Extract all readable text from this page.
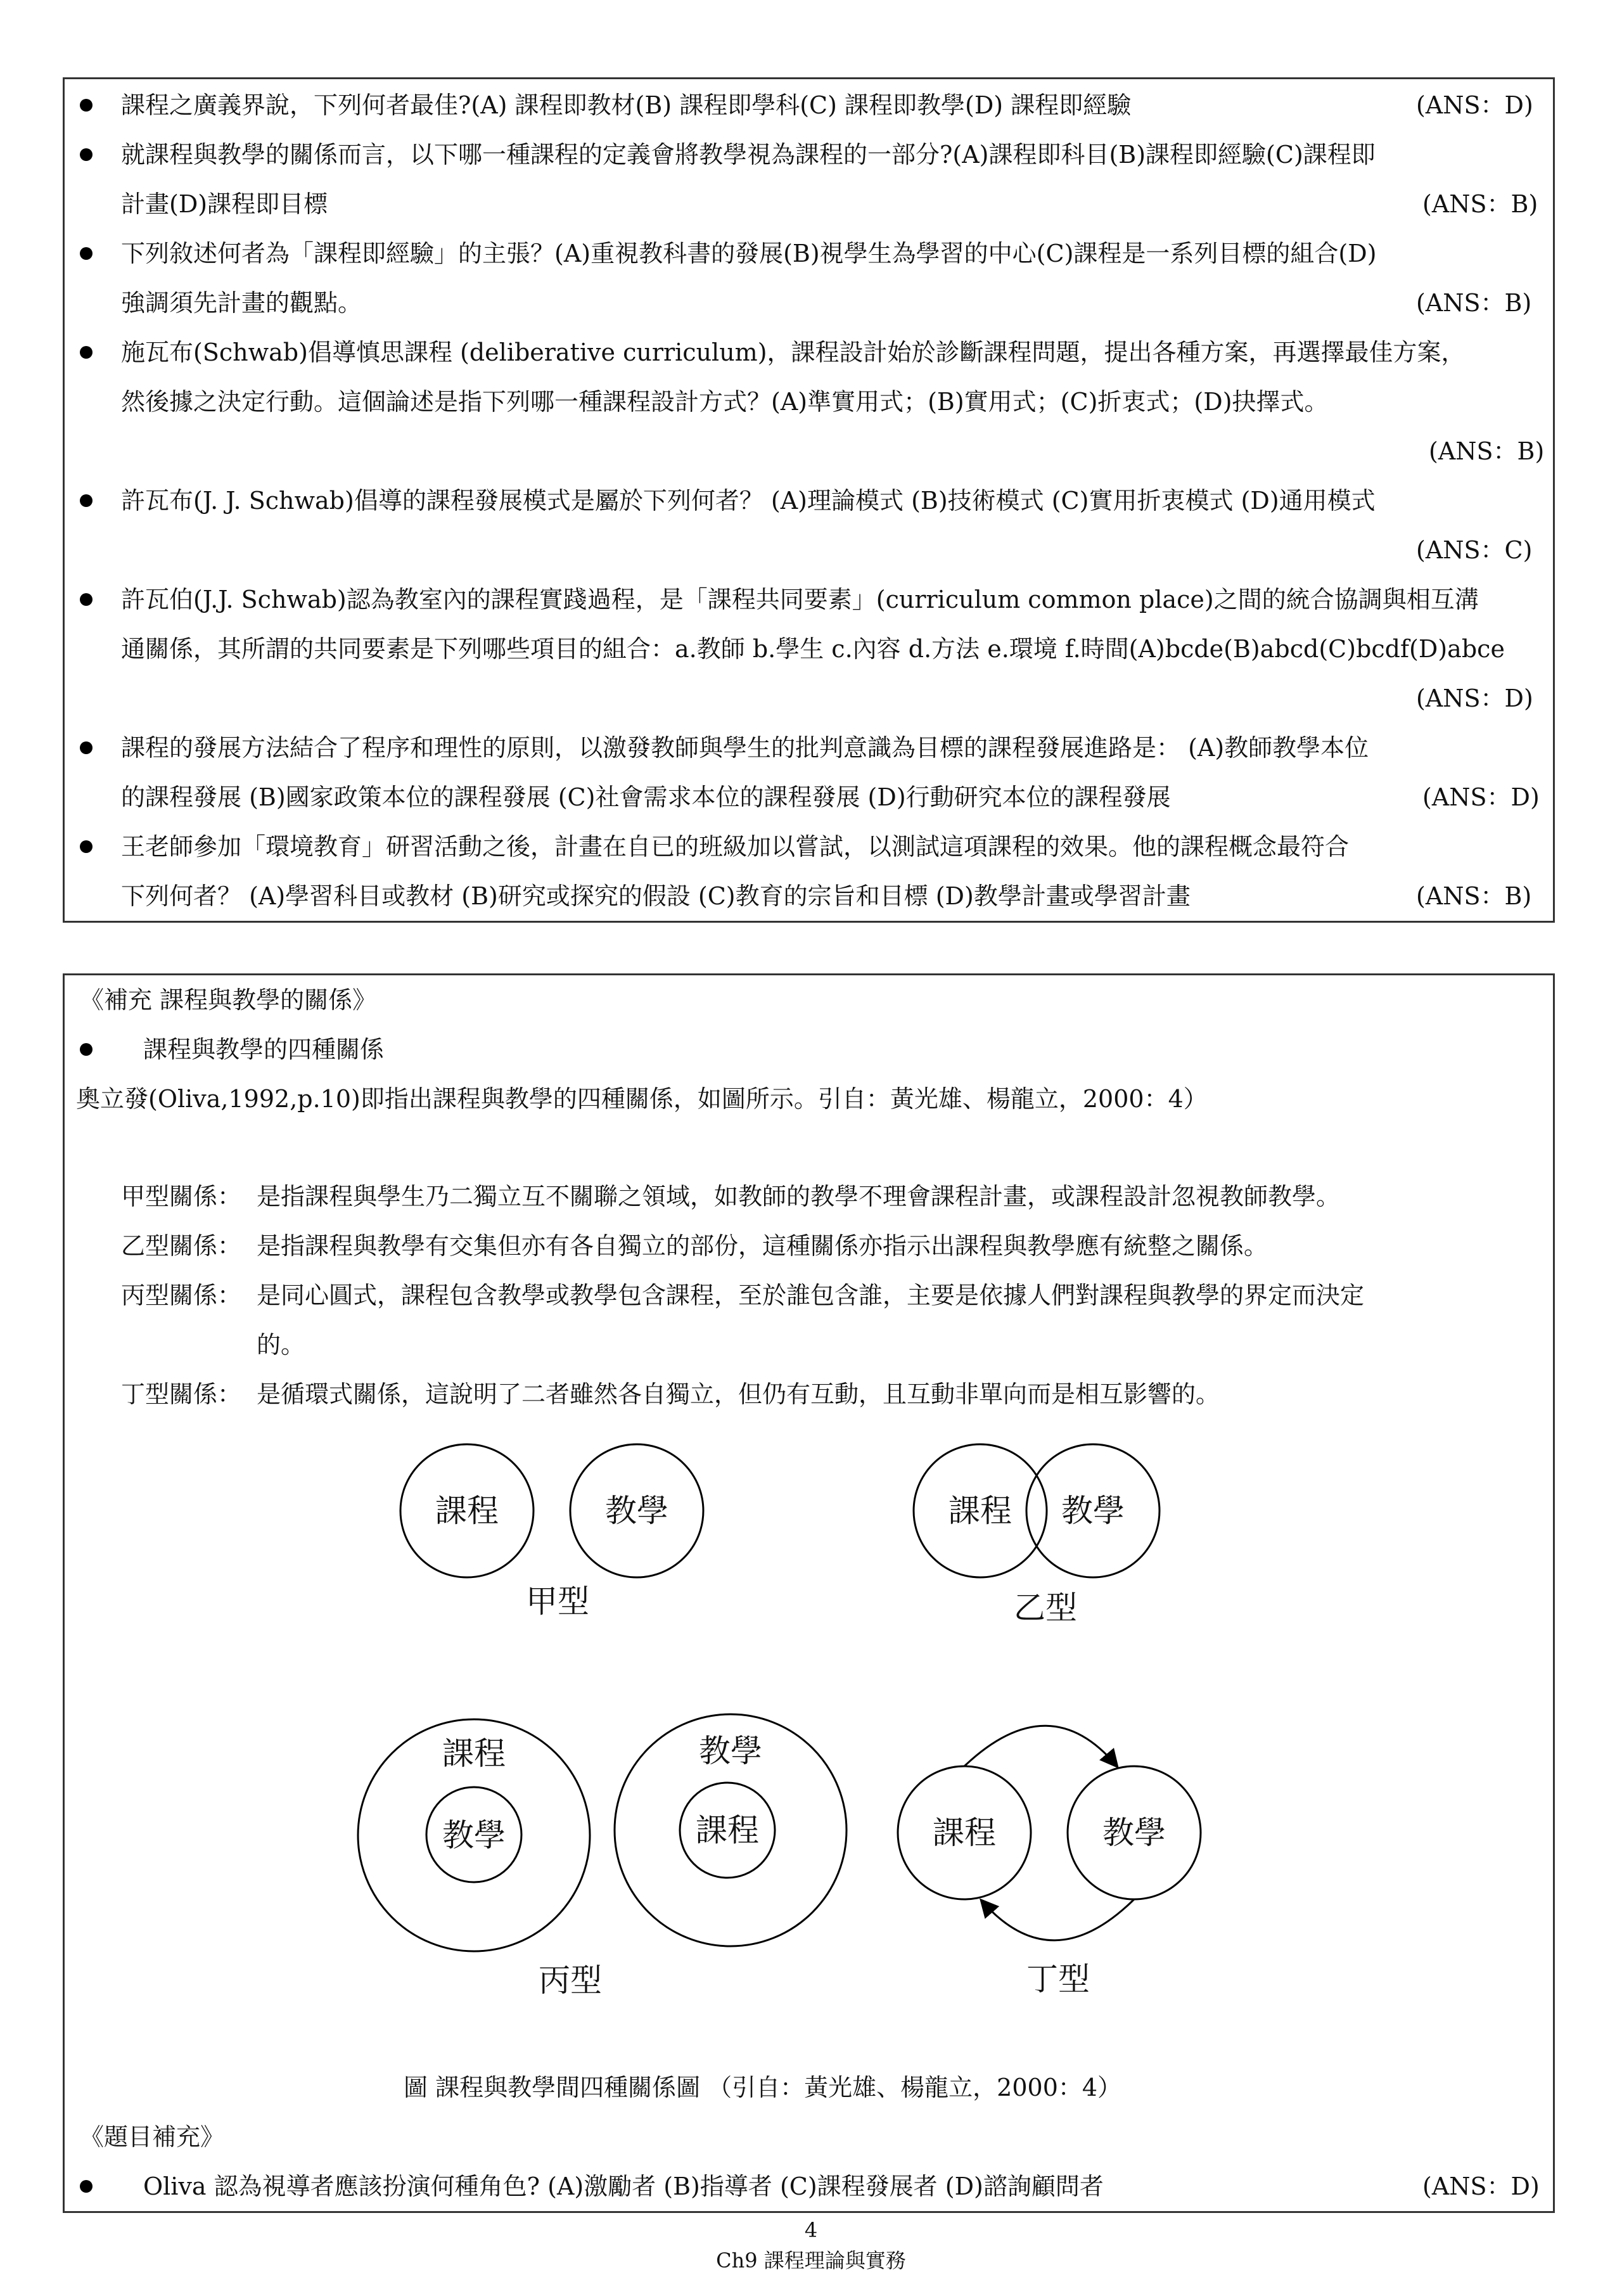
課程之廣義界說，下列何者最佳?(A) 課程即教材(B) 課程即學科(C) 課程即教學(D) 課程即經驗	(ANS：D)
就課程與教學的關係而言，以下哪一種課程的定義會將教學視為課程的一部分?(A)課程即科目(B)課程即經驗(C)課程即
計畫(D)課程即目標	(ANS：B)
下列敘述何者為「課程即經驗」的主張？(A)重視教科書的發展(B)視學生為學習的中心(C)課程是一系列目標的組合(D)
強調須先計畫的觀點。	(ANS：B)
施瓦布(Schwab)倡導慎思課程 (deliberative curriculum)，課程設計始於診斷課程問題，提出各種方案，再選擇最佳方案，
然後據之決定行動。這個論述是指下列哪一種課程設計方式？(A)準實用式；(B)實用式；(C)折衷式；(D)抉擇式。
(ANS：B)
許瓦布(J. J. Schwab)倡導的課程發展模式是屬於下列何者？ (A)理論模式 (B)技術模式 (C)實用折衷模式 (D)通用模式
(ANS：C)
許瓦伯(J.J. Schwab)認為教室內的課程實踐過程，是「課程共同要素」(curriculum common place)之間的統合協調與相互溝
通關係，其所謂的共同要素是下列哪些項目的組合：a.教師 b.學生 c.內容 d.方法 e.環境 f.時間(A)bcde(B)abcd(C)bcdf(D)abce
(ANS：D)
課程的發展方法結合了程序和理性的原則，以激發教師與學生的批判意識為目標的課程發展進路是： (A)教師教學本位
的課程發展 (B)國家政策本位的課程發展 (C)社會需求本位的課程發展 (D)行動研究本位的課程發展	(ANS：D)
王老師參加「環境教育」研習活動之後，計畫在自已的班級加以嘗試，以測試這項課程的效果。他的課程概念最符合
下列何者？ (A)學習科目或教材 (B)研究或探究的假設 (C)教育的宗旨和目標 (D)教學計畫或學習計畫	(ANS：B)
《補充 課程與教學的關係》
課程與教學的四種關係
奧立發(Oliva,1992,p.10)即指出課程與教學的四種關係，如圖所示。引自：黃光雄、楊龍立，2000：4）
甲型關係： 是指課程與學生乃二獨立互不關聯之領域，如教師的教學不理會課程計畫，或課程設計忽視教師教學。
乙型關係： 是指課程與教學有交集但亦有各自獨立的部份，這種關係亦指示出課程與教學應有統整之關係。
丙型關係： 是同心圓式，課程包含教學或教學包含課程，至於誰包含誰，主要是依據人們對課程與教學的界定而決定
的。
丁型關係： 是循環式關係，這說明了二者雖然各自獨立，但仍有互動，且互動非單向而是相互影響的。
課程	教學
甲型
課程 教學
乙型
課程
教學
教學
課程
丙型
課程	教學
丁型
圖 課程與教學間四種關係圖 （引自：黃光雄、楊龍立，2000：4）
《題目補充》
Oliva 認為視導者應該扮演何種角色? (A)激勵者 (B)指導者 (C)課程發展者 (D)諮詢顧問者	(ANS：D)
4
Ch9 課程理論與實務
